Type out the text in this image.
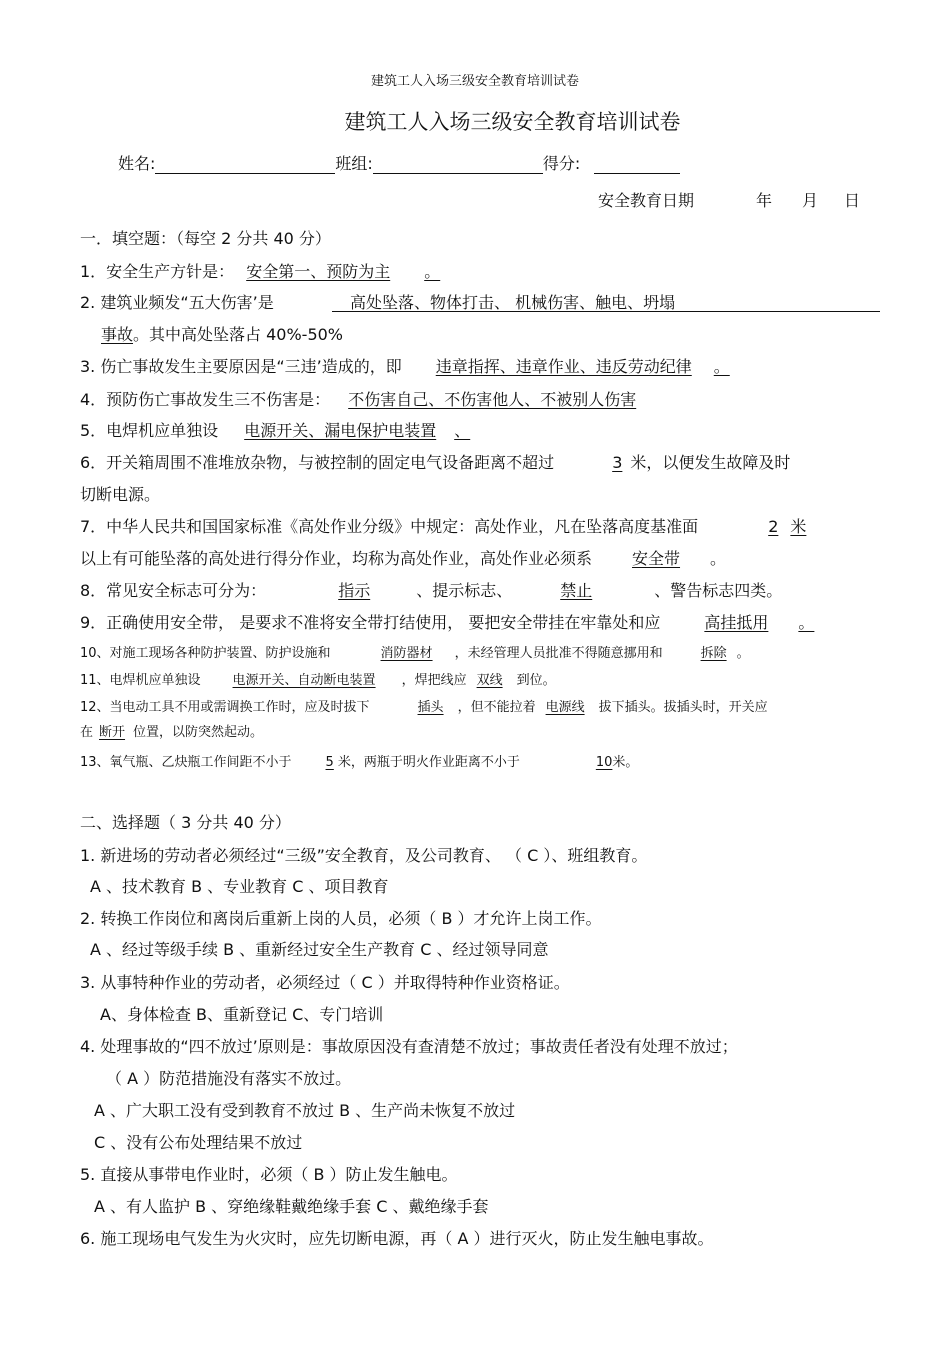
建筑工人入场三级安全教育培训试卷
建筑工人入场三级安全教育培训试卷
姓名:	班组:	得分:
安全教育日期	年 月 日
一．填空题：（每空 2 分共 40 分）
1．安全生产方针是： 安全第一、预防为主 。
2. 建筑业频发“五大伤害’是	高处坠落、物体打击、 机械伤害、触电、坍塌
事故。其中高处坠落占 40%-50%
3. 伤亡事故发生主要原因是“三违’造成的，即 违章指挥、违章作业、违反劳动纪律 。
4．预防伤亡事故发生三不伤害是： 不伤害自己、不伤害他人、不被别人伤害
5．电焊机应单独设 电源开关、漏电保护电装置 、
6．开关箱周围不准堆放杂物，与被控制的固定电气设备距离不超过	3 米，以便发生故障及时
切断电源。
7．中华人民共和国国家标准《高处作业分级》中规定：高处作业，凡在坠落高度基准面	2 米
以上有可能坠落的高处进行得分作业，均称为高处作业，高处作业必须系	安全带 。
8．常见安全标志可分为：	指示	、提示标志、	禁止	、警告标志四类。
9．正确使用安全带， 是要求不准将安全带打结使用， 要把安全带挂在牢靠处和应	高挂抵用 。
10、对施工现场各种防护装置、防护设施和	消防器材 ，未经管理人员批准不得随意挪用和	拆除 。
11、电焊机应单独设 电源开关、自动断电装置 ，焊把线应 双线 到位。
12、当电动工具不用或需调换工作时，应及时拔下	插头 ，但不能拉着 电源线 拔下插头。拔插头时，开关应
在 断开 位置，以防突然起动。
13、氧气瓶、乙炔瓶工作间距不小于	5 米，两瓶于明火作业距离不小于	10米。
二、选择题（ 3 分共 40 分）
1. 新进场的劳动者必须经过“三级”安全教育，及公司教育、 （ C ）、班组教育。
A 、技术教育 B 、专业教育 C 、项目教育
2. 转换工作岗位和离岗后重新上岗的人员，必须（ B ）才允许上岗工作。
A 、经过等级手续 B 、重新经过安全生产教育 C 、经过领导同意
3. 从事特种作业的劳动者，必须经过（ C ）并取得特种作业资格证。
A、身体检查 B、重新登记 C、专门培训
4. 处理事故的“四不放过’原则是：事故原因没有查清楚不放过；事故责任者没有处理不放过；
（ A ）防范措施没有落实不放过。
A 、广大职工没有受到教育不放过 B 、生产尚未恢复不放过
C 、没有公布处理结果不放过
5. 直接从事带电作业时，必须（ B ）防止发生触电。
A 、有人监护 B 、穿绝缘鞋戴绝缘手套 C 、戴绝缘手套
6. 施工现场电气发生为火灾时，应先切断电源，再（ A ）进行灭火，防止发生触电事故。
